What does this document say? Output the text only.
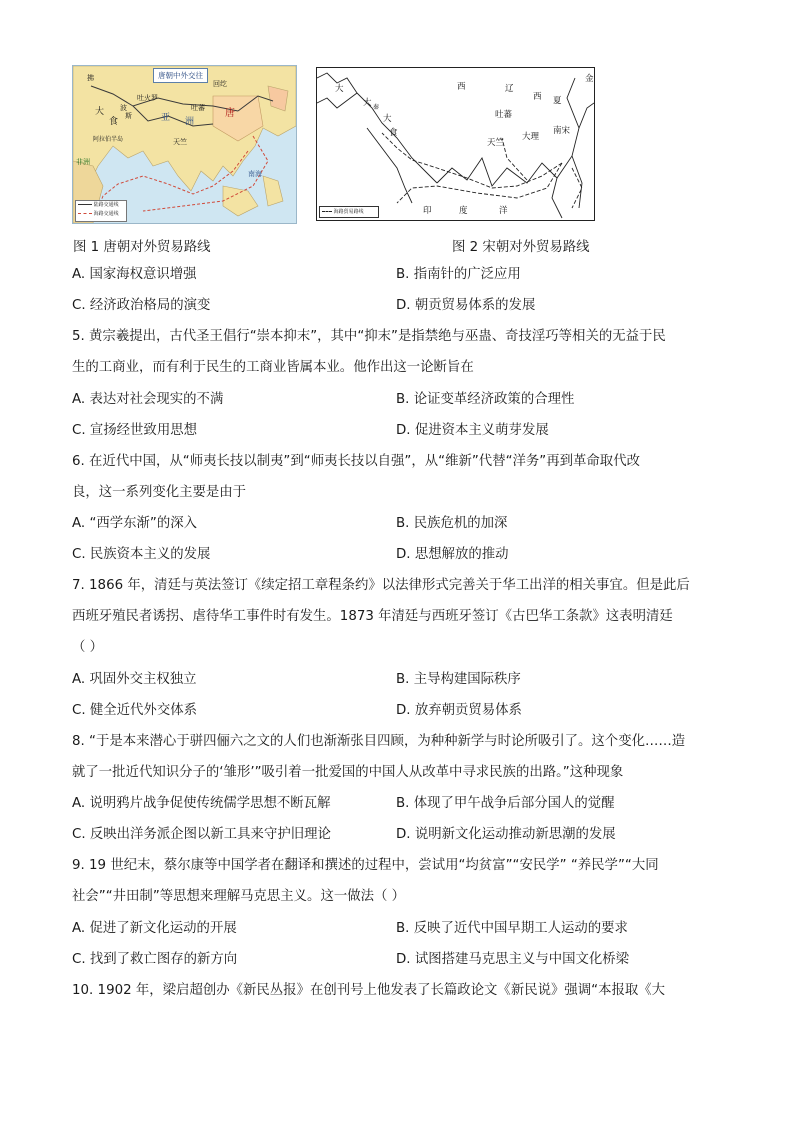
唐朝中外交往
拂
大
食
波
斯
吐火罗
亚 洲
唐
天竺
非洲
阿拉伯半岛
南海
吐蕃
回纥
陆路交通线
海路交通线
大
大 秦
大
食
西	辽
金
西 夏
吐蕃
南宋
天竺
大理
印	度	洋
海路贸易路线
图 1 唐朝对外贸易路线	图 2 宋朝对外贸易路线
A. 国家海权意识增强	B. 指南针的广泛应用
C. 经济政治格局的演变	D. 朝贡贸易体系的发展
5. 黄宗羲提出，古代圣王倡行“崇本抑末”，其中“抑末”是指禁绝与巫蛊、奇技淫巧等相关的无益于民
生的工商业，而有利于民生的工商业皆属本业。他作出这一论断旨在
A. 表达对社会现实的不满	B. 论证变革经济政策的合理性
C. 宣扬经世致用思想	D. 促进资本主义萌芽发展
6. 在近代中国，从“师夷长技以制夷”到“师夷长技以自强”，从“维新”代替“洋务”再到革命取代改
良，这一系列变化主要是由于
A. “西学东渐”的深入	B. 民族危机的加深
C. 民族资本主义的发展	D. 思想解放的推动
7. 1866 年，清廷与英法签订《续定招工章程条约》以法律形式完善关于华工出洋的相关事宜。但是此后
西班牙殖民者诱拐、虐待华工事件时有发生。1873 年清廷与西班牙签订《古巴华工条款》这表明清廷
（ ）
A. 巩固外交主权独立	B. 主导构建国际秩序
C. 健全近代外交体系	D. 放弃朝贡贸易体系
8. “于是本来潜心于骈四俪六之文的人们也渐渐张目四顾，为种种新学与时论所吸引了。这个变化……造
就了一批近代知识分子的‘雏形’”吸引着一批爱国的中国人从改革中寻求民族的出路。”这种现象
A. 说明鸦片战争促使传统儒学思想不断瓦解	B. 体现了甲午战争后部分国人的觉醒
C. 反映出洋务派企图以新工具来守护旧理论	D. 说明新文化运动推动新思潮的发展
9. 19 世纪末，蔡尔康等中国学者在翻译和撰述的过程中，尝试用“均贫富”“安民学” “养民学”“大同
社会”“井田制”等思想来理解马克思主义。这一做法（ ）
A. 促进了新文化运动的开展	B. 反映了近代中国早期工人运动的要求
C. 找到了救亡图存的新方向	D. 试图搭建马克思主义与中国文化桥梁
10. 1902 年，梁启超创办《新民丛报》在创刊号上他发表了长篇政论文《新民说》强调“本报取《大
